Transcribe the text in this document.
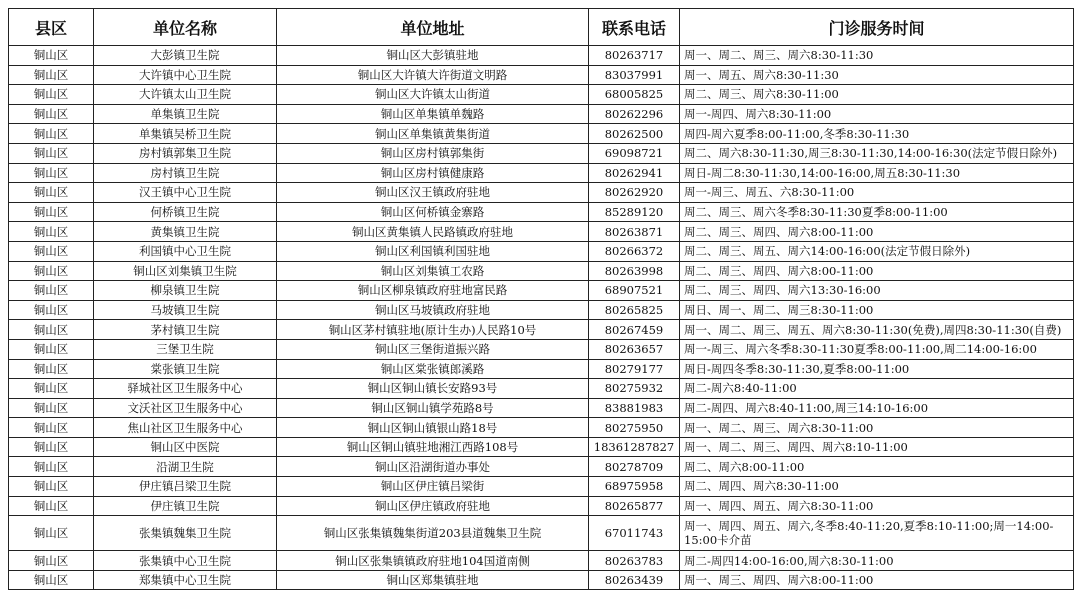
县区	单位名称	单位地址	联系电话	门诊服务时间
铜山区	大彭镇卫生院	铜山区大彭镇驻地	80263717	周一、周二、周三、周六8:30-11:30
铜山区	大许镇中心卫生院	铜山区大许镇大许街道文明路	83037991	周一、周五、周六8:30-11:30
铜山区	大许镇太山卫生院	铜山区大许镇太山街道	68005825	周二、周三、周六8:30-11:00
铜山区	单集镇卫生院	铜山区单集镇单魏路	80262296	周一-周四、周六8:30-11:00
铜山区	单集镇吴桥卫生院	铜山区单集镇黄集街道	80262500	周四-周六夏季8:00-11:00,冬季8:30-11:30
铜山区	房村镇郭集卫生院	铜山区房村镇郭集街	69098721	周二、周六8:30-11:30,周三8:30-11:30,14:00-16:30(法定节假日除外)
铜山区	房村镇卫生院	铜山区房村镇健康路	80262941	周日-周二8:30-11:30,14:00-16:00,周五8:30-11:30
铜山区	汉王镇中心卫生院	铜山区汉王镇政府驻地	80262920	周一-周三、周五、六8:30-11:00
铜山区	何桥镇卫生院	铜山区何桥镇金寨路	85289120	周二、周三、周六冬季8:30-11:30夏季8:00-11:00
铜山区	黄集镇卫生院	铜山区黄集镇人民路镇政府驻地	80263871	周二、周三、周四、周六8:00-11:00
铜山区	利国镇中心卫生院	铜山区利国镇利国驻地	80266372	周二、周三、周五、周六14:00-16:00(法定节假日除外)
铜山区	铜山区刘集镇卫生院	铜山区刘集镇工农路	80263998	周二、周三、周四、周六8:00-11:00
铜山区	柳泉镇卫生院	铜山区柳泉镇政府驻地富民路	68907521	周二、周三、周四、周六13:30-16:00
铜山区	马坡镇卫生院	铜山区马坡镇政府驻地	80265825	周日、周一、周二、周三8:30-11:00
铜山区	茅村镇卫生院	铜山区茅村镇驻地(原计生办)人民路10号	80267459	周一、周二、周三、周五、周六8:30-11:30(免费),周四8:30-11:30(自费)
铜山区	三堡卫生院	铜山区三堡街道振兴路	80263657	周一-周三、周六冬季8:30-11:30夏季8:00-11:00,周二14:00-16:00
铜山区	棠张镇卫生院	铜山区棠张镇郎溪路	80279177	周日-周四冬季8:30-11:30,夏季8:00-11:00
铜山区	驿城社区卫生服务中心	铜山区铜山镇长安路93号	80275932	周二-周六8:40-11:00
铜山区	文沃社区卫生服务中心	铜山区铜山镇学苑路8号	83881983	周二-周四、周六8:40-11:00,周三14:10-16:00
铜山区	焦山社区卫生服务中心	铜山区铜山镇银山路18号	80275950	周一、周二、周三、周六8:30-11:00
铜山区	铜山区中医院	铜山区铜山镇驻地湘江西路108号	18361287827	周一、周二、周三、周四、周六8:10-11:00
铜山区	沿湖卫生院	铜山区沿湖街道办事处	80278709	周二、周六8:00-11:00
铜山区	伊庄镇吕梁卫生院	铜山区伊庄镇吕梁街	68975958	周二、周四、周六8:30-11:00
铜山区	伊庄镇卫生院	铜山区伊庄镇政府驻地	80265877	周一、周四、周五、周六8:30-11:00
铜山区	张集镇魏集卫生院	铜山区张集镇魏集街道203县道魏集卫生院	67011743	周一、周四、周五、周六,冬季8:40-11:20,夏季8:10-11:00;周一14:00-15:00卡介苗
铜山区	张集镇中心卫生院	铜山区张集镇镇政府驻地104国道南侧	80263783	周二-周四14:00-16:00,周六8:30-11:00
铜山区	郑集镇中心卫生院	铜山区郑集镇驻地	80263439	周一、周三、周四、周六8:00-11:00
